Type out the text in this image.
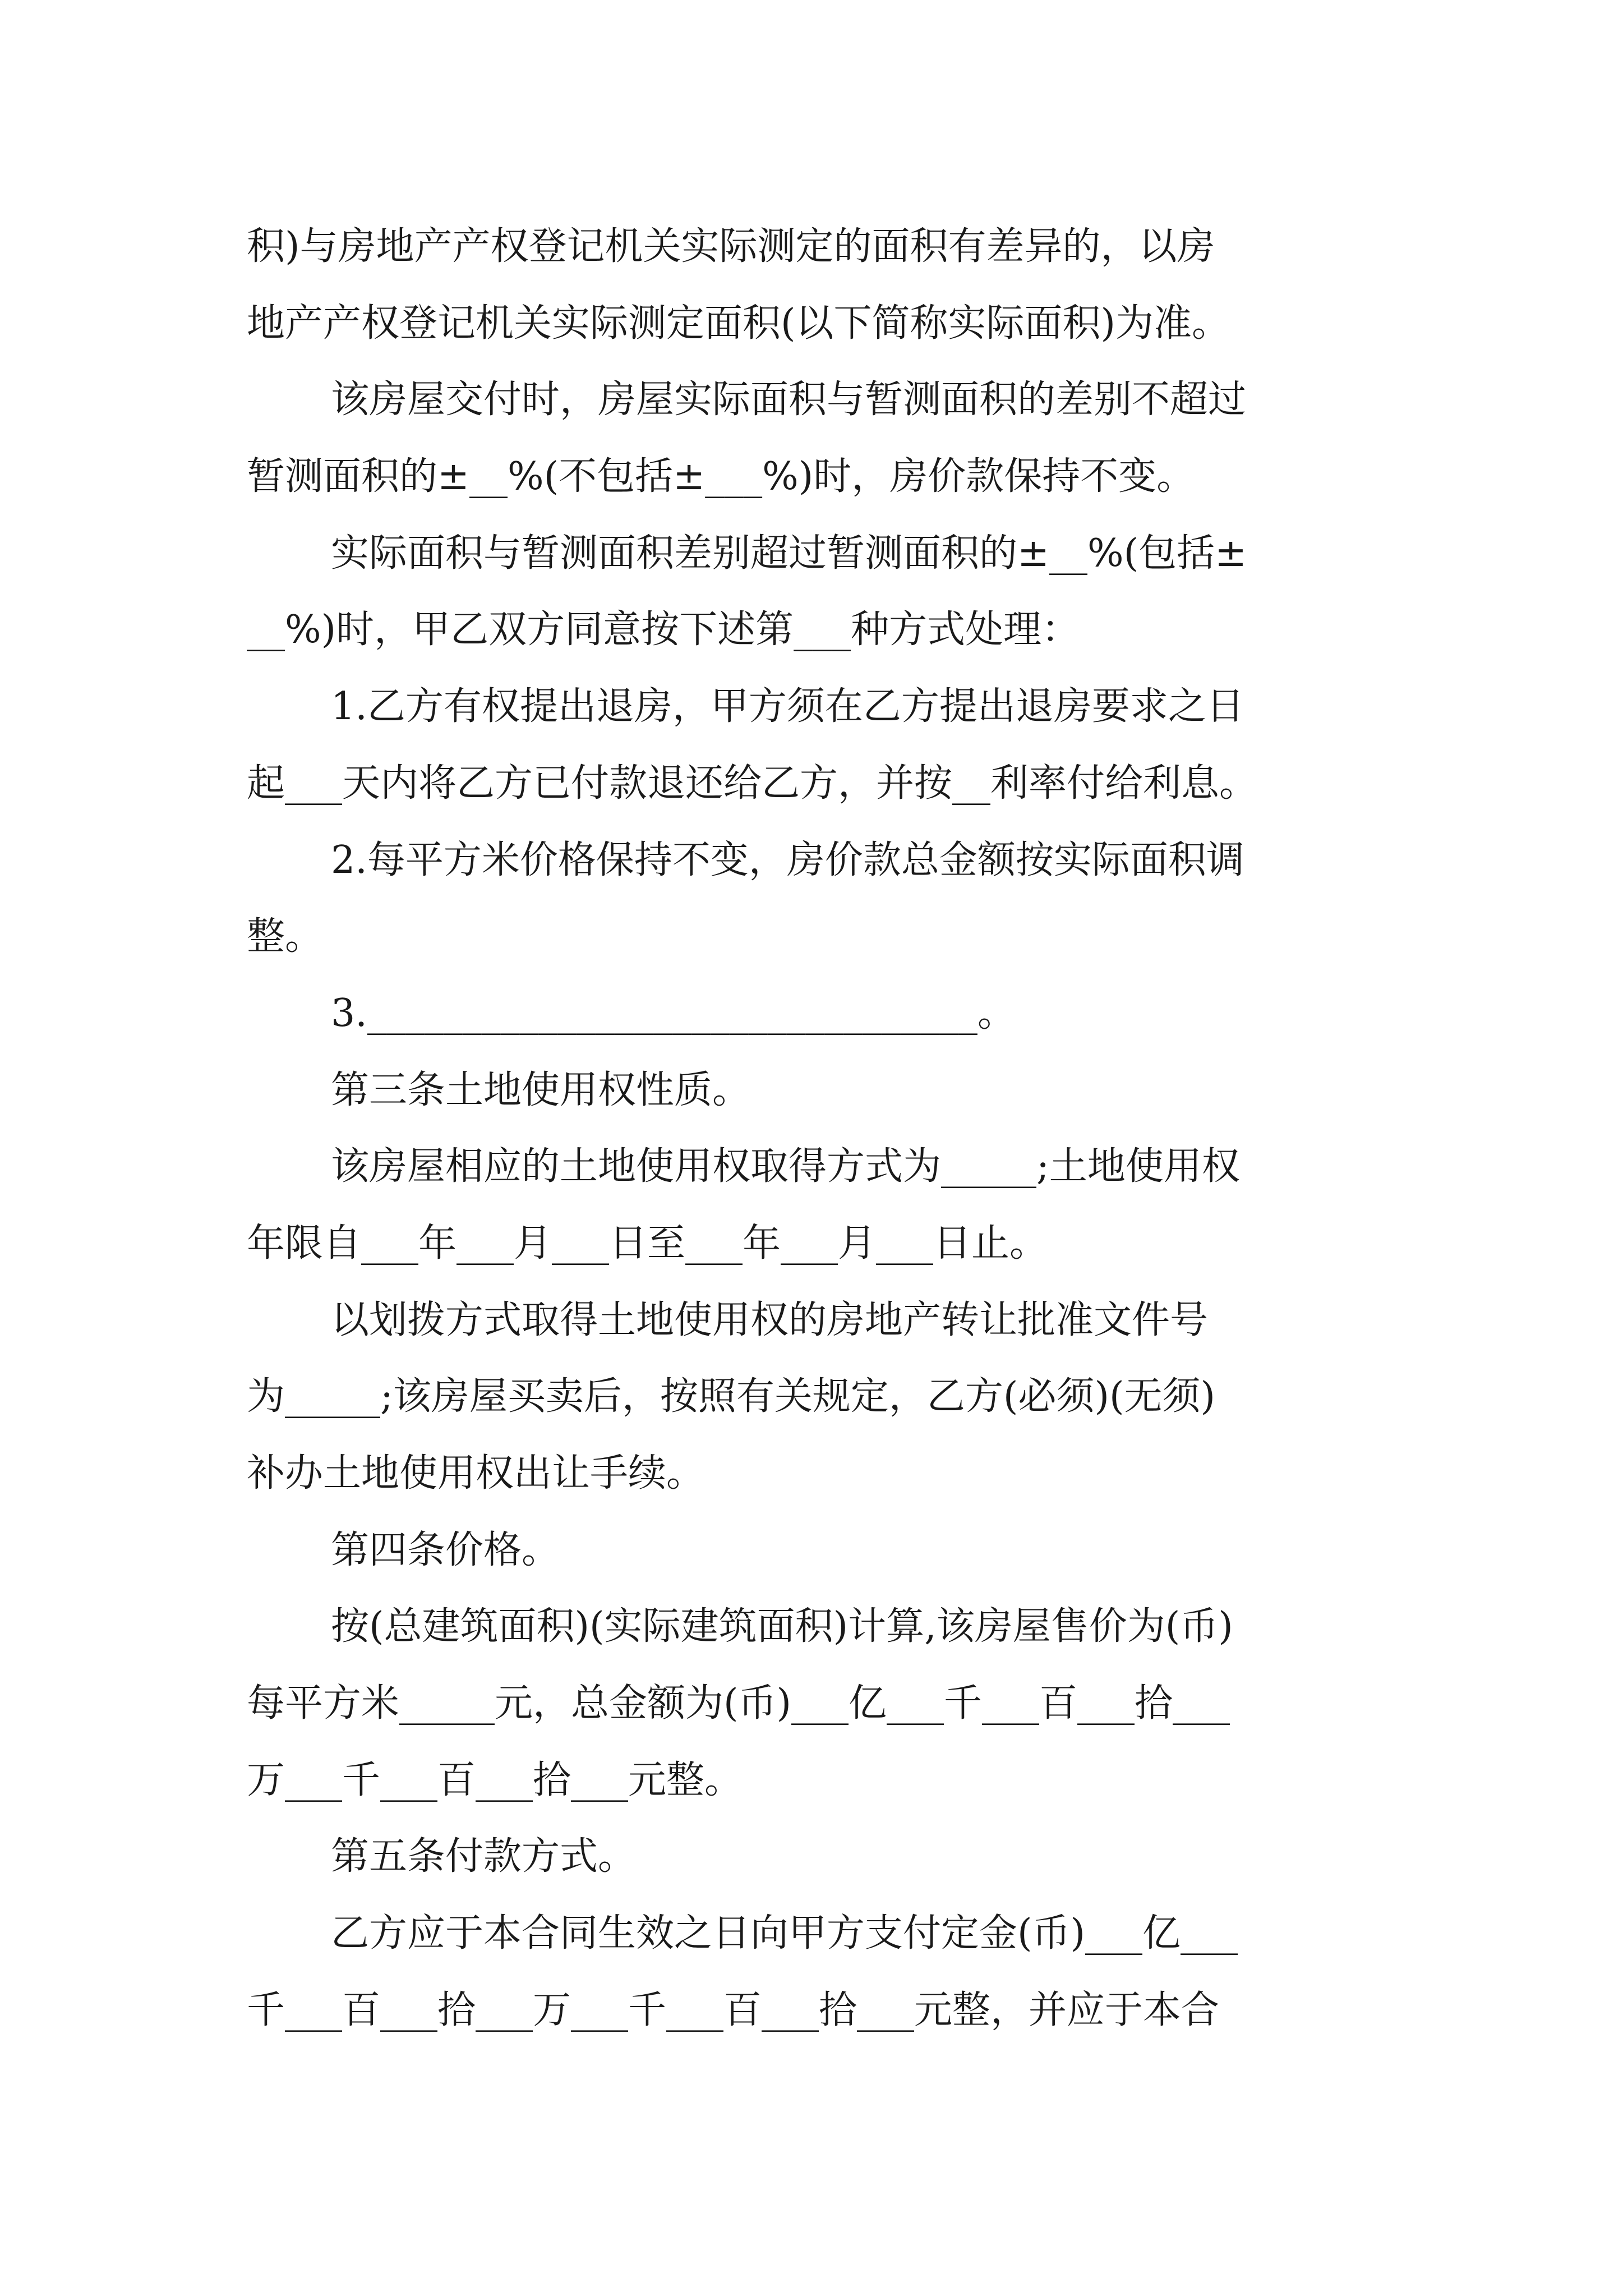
积)与房地产产权登记机关实际测定的面积有差异的，以房
地产产权登记机关实际测定面积(以下简称实际面积)为准。
该房屋交付时，房屋实际面积与暂测面积的差别不超过
暂测面积的±__%(不包括±___%)时，房价款保持不变。
实际面积与暂测面积差别超过暂测面积的±__%(包括±
__%)时，甲乙双方同意按下述第___种方式处理：
1.乙方有权提出退房，甲方须在乙方提出退房要求之日
起___天内将乙方已付款退还给乙方，并按__利率付给利息。
2.每平方米价格保持不变，房价款总金额按实际面积调
整。
3.________________________________。
第三条土地使用权性质。
该房屋相应的土地使用权取得方式为_____;土地使用权
年限自___年___月___日至___年___月___日止。
以划拨方式取得土地使用权的房地产转让批准文件号
为_____;该房屋买卖后，按照有关规定，乙方(必须)(无须)
补办土地使用权出让手续。
第四条价格。
按(总建筑面积)(实际建筑面积)计算,该房屋售价为(币)
每平方米_____元，总金额为(币)___亿___千___百___拾___
万___千___百___拾___元整。
第五条付款方式。
乙方应于本合同生效之日向甲方支付定金(币)___亿___
千___百___拾___万___千___百___拾___元整，并应于本合
